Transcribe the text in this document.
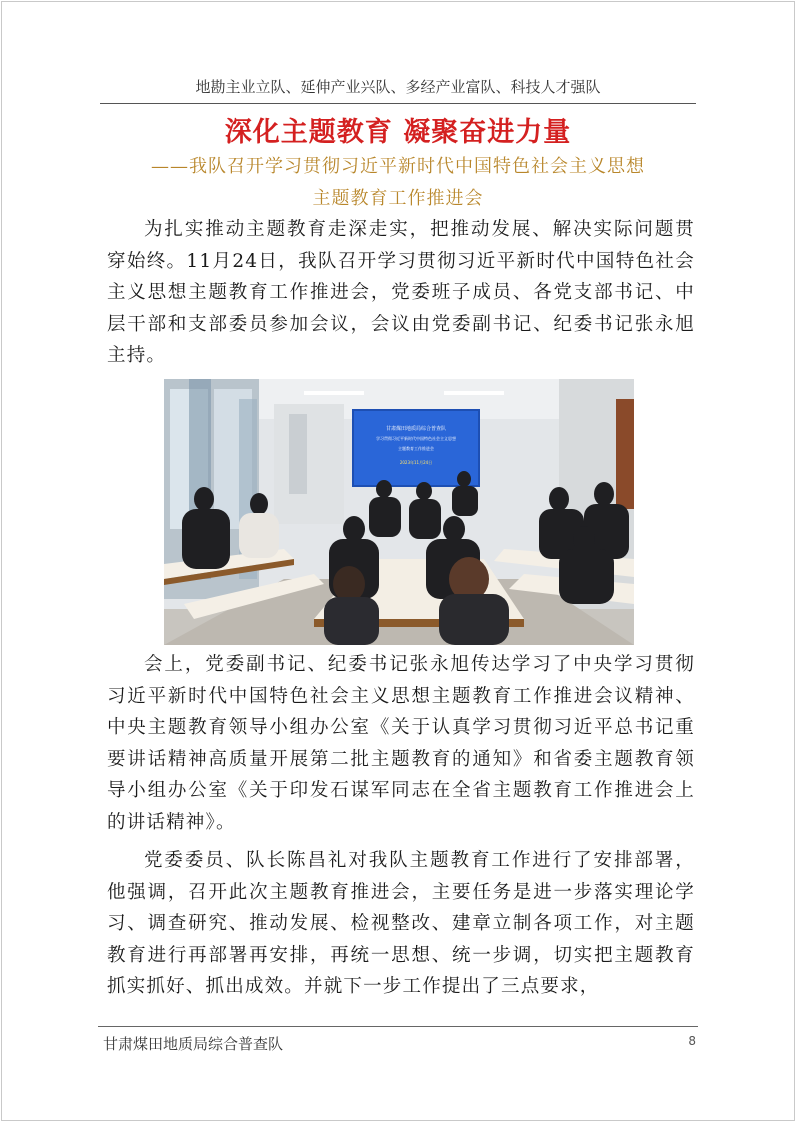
地勘主业立队、延伸产业兴队、多经产业富队、科技人才强队
深化主题教育 凝聚奋进力量
——我队召开学习贯彻习近平新时代中国特色社会主义思想
主题教育工作推进会

为扎实推动主题教育走深走实，把推动发展、解决实际问题贯穿始终。11月24日，我队召开学习贯彻习近平新时代中国特色社会主义思想主题教育工作推进会，党委班子成员、各党支部书记、中层干部和支部委员参加会议，会议由党委副书记、纪委书记张永旭主持。

甘肃煤田地质局综合普查队
学习贯彻习近平新时代中国特色社会主义思想
主题教育工作推进会
2023年11月24日

会上，党委副书记、纪委书记张永旭传达学习了中央学习贯彻习近平新时代中国特色社会主义思想主题教育工作推进会议精神、中央主题教育领导小组办公室《关于认真学习贯彻习近平总书记重要讲话精神高质量开展第二批主题教育的通知》和省委主题教育领导小组办公室《关于印发石谋军同志在全省主题教育工作推进会上的讲话精神》。

党委委员、队长陈昌礼对我队主题教育工作进行了安排部署，他强调，召开此次主题教育推进会，主要任务是进一步落实理论学习、调查研究、推动发展、检视整改、建章立制各项工作，对主题教育进行再部署再安排，再统一思想、统一步调，切实把主题教育抓实抓好、抓出成效。并就下一步工作提出了三点要求，

甘肃煤田地质局综合普查队	8
